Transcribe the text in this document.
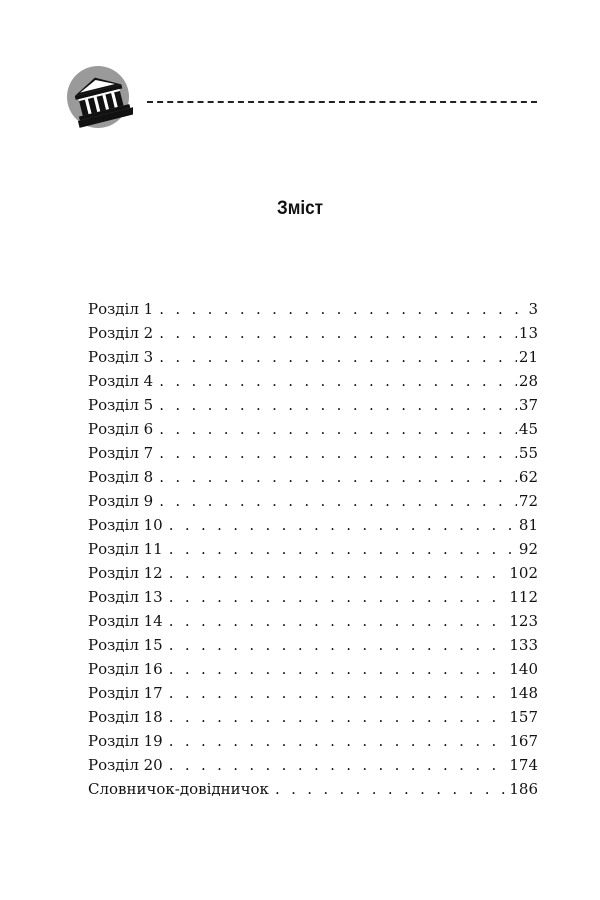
Зміст
Розділ 1 . . .	3
Розділ 2 . . .	13
Розділ 3 . . .	21
Розділ 4 . . .	28
Розділ 5 . . .	37
Розділ 6 . . .	45
Розділ 7 . . .	55
Розділ 8 . . .	62
Розділ 9 . . .	72
Розділ 10 . . .	81
Розділ 11 . . .	92
Розділ 12 . . .	102
Розділ 13 . . .	112
Розділ 14 . . .	123
Розділ 15 . . .	133
Розділ 16 . . .	140
Розділ 17 . . .	148
Розділ 18 . . .	157
Розділ 19 . . .	167
Розділ 20 . . .	174
Словничок-довідничок . . .	186
